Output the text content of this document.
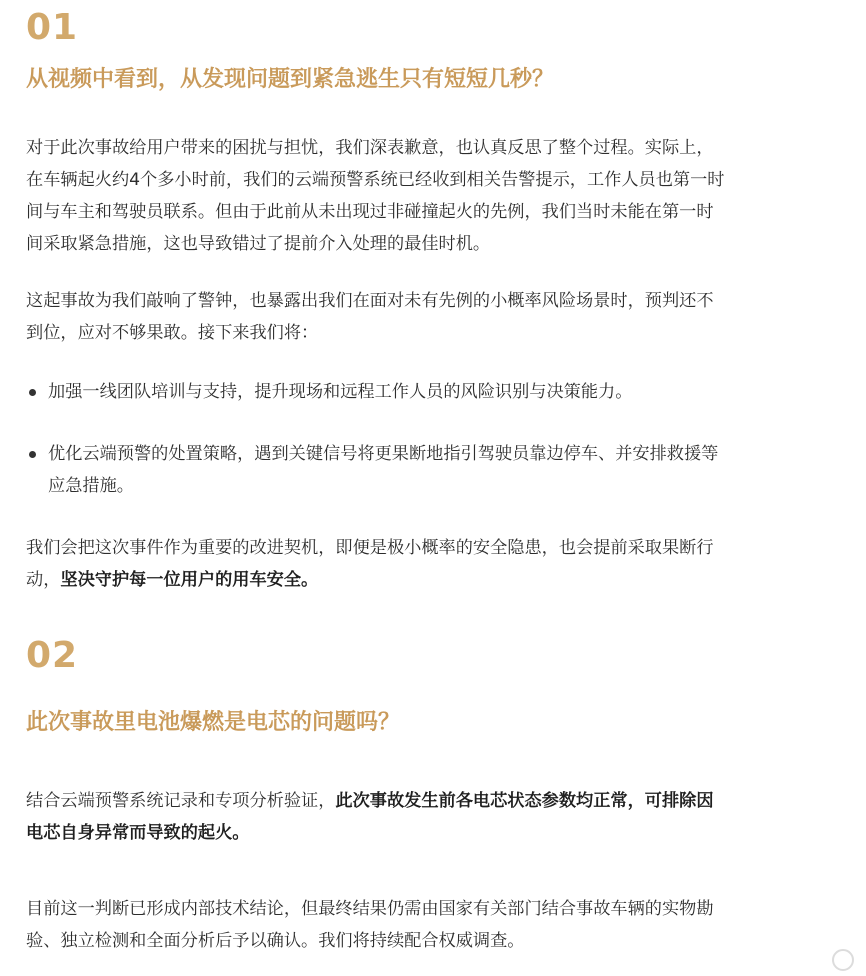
01
从视频中看到，从发现问题到紧急逃生只有短短几秒？
对于此次事故给用户带来的困扰与担忧，我们深表歉意，也认真反思了整个过程。实际上，
在车辆起火约4个多小时前，我们的云端预警系统已经收到相关告警提示，工作人员也第一时
间与车主和驾驶员联系。但由于此前从未出现过非碰撞起火的先例，我们当时未能在第一时
间采取紧急措施，这也导致错过了提前介入处理的最佳时机。
这起事故为我们敲响了警钟，也暴露出我们在面对未有先例的小概率风险场景时，预判还不
到位，应对不够果敢。接下来我们将：
加强一线团队培训与支持，提升现场和远程工作人员的风险识别与决策能力。
优化云端预警的处置策略，遇到关键信号将更果断地指引驾驶员靠边停车、并安排救援等
应急措施。
我们会把这次事件作为重要的改进契机，即便是极小概率的安全隐患，也会提前采取果断行
动，坚决守护每一位用户的用车安全。
02
此次事故里电池爆燃是电芯的问题吗？
结合云端预警系统记录和专项分析验证，此次事故发生前各电芯状态参数均正常，可排除因
电芯自身异常而导致的起火。
目前这一判断已形成内部技术结论，但最终结果仍需由国家有关部门结合事故车辆的实物勘
验、独立检测和全面分析后予以确认。我们将持续配合权威调查。
